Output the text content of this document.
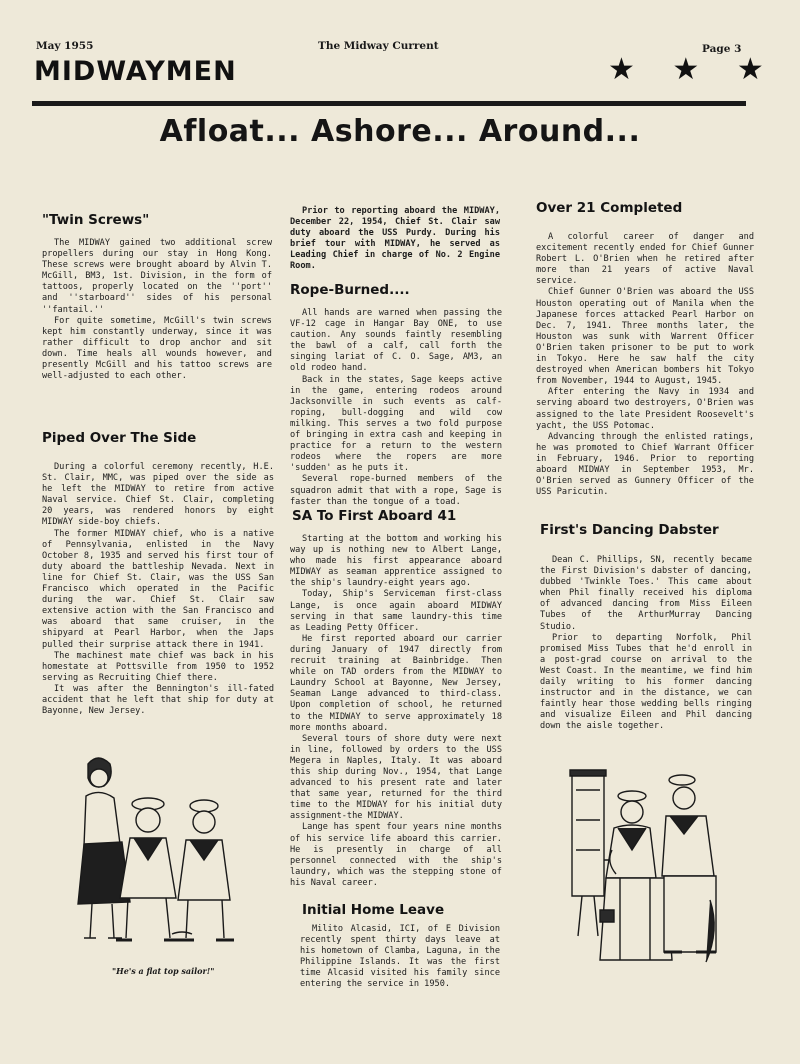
May 1955	The Midway Current	Page 3
MIDWAYMEN	★ ★ ★
Afloat... Ashore... Around...
"Twin Screws"

The MIDWAY gained two additional screw propellers during our stay in Hong Kong. These screws were brought aboard by Alvin T. McGill, BM3, 1st. Division, in the form of tattoos, properly located on the ''port'' and ''starboard'' sides of his personal ''fantail.''

For quite sometime, McGill's twin screws kept him constantly underway, since it was rather difficult to drop anchor and sit down. Time heals all wounds however, and presently McGill and his tattoo screws are well-adjusted to each other.

Piped Over The Side

During a colorful ceremony recently, H.E. St. Clair, MMC, was piped over the side as he left the MIDWAY to retire from active Naval service. Chief St. Clair, completing 20 years, was rendered honors by eight MIDWAY side-boy chiefs.

The former MIDWAY chief, who is a native of Pennsylvania, enlisted in the Navy October 8, 1935 and served his first tour of duty aboard the battleship Nevada. Next in line for Chief St. Clair, was the USS San Francisco which operated in the Pacific during the war. Chief St. Clair saw extensive action with the San Francisco and was aboard that same cruiser, in the shipyard at Pearl Harbor, when the Japs pulled their surprise attack there in 1941.

The machinest mate chief was back in his homestate at Pottsville from 1950 to 1952 serving as Recruiting Chief there.

It was after the Bennington's ill-fated accident that he left that ship for duty at Bayonne, New Jersey.

"He's a flat top sailor!"

Prior to reporting aboard the MIDWAY, December 22, 1954, Chief St. Clair saw duty aboard the USS Purdy. During his brief tour with MIDWAY, he served as Leading Chief in charge of No. 2 Engine Room.

Rope-Burned....

All hands are warned when passing the VF-12 cage in Hangar Bay ONE, to use caution. Any sounds faintly resembling the bawl of a calf, call forth the singing lariat of C. O. Sage, AM3, an old rodeo hand.

Back in the states, Sage keeps active in the game, entering rodeos around Jacksonville in such events as calf-roping, bull-dogging and wild cow milking. This serves a two fold purpose of bringing in extra cash and keeping in practice for a return to the western rodeos where the ropers are more 'sudden' as he puts it.

Several rope-burned members of the squadron admit that with a rope, Sage is faster than the tongue of a toad.

SA To First Aboard 41

Starting at the bottom and working his way up is nothing new to Albert Lange, who made his first appearance aboard MIDWAY as seaman apprentice assigned to the ship's laundry-eight years ago.

Today, Ship's Serviceman first-class Lange, is once again aboard MIDWAY serving in that same laundry-this time as Leading Petty Officer.

He first reported aboard our carrier during January of 1947 directly from recruit training at Bainbridge. Then while on TAD orders from the MIDWAY to Laundry School at Bayonne, New Jersey, Seaman Lange advanced to third-class. Upon completion of school, he returned to the MIDWAY to serve approximately 18 more months aboard.

Several tours of shore duty were next in line, followed by orders to the USS Megera in Naples, Italy. It was aboard this ship during Nov., 1954, that Lange advanced to his present rate and later that same year, returned for the third time to the MIDWAY for his initial duty assignment-the MIDWAY.

Lange has spent four years nine months of his service life aboard this carrier. He is presently in charge of all personnel connected with the ship's laundry, which was the stepping stone of his Naval career.

Initial Home Leave

Milito Alcasid, ICI, of E Division recently spent thirty days leave at his hometown of Clamba, Laguna, in the Philippine Islands. It was the first time Alcasid visited his family since entering the service in 1950.

Over 21 Completed

A colorful career of danger and excitement recently ended for Chief Gunner Robert L. O'Brien when he retired after more than 21 years of active Naval service.

Chief Gunner O'Brien was aboard the USS Houston operating out of Manila when the Japanese forces attacked Pearl Harbor on Dec. 7, 1941. Three months later, the Houston was sunk with Warrent Officer O'Brien taken prisoner to be put to work in Tokyo. Here he saw half the city destroyed when American bombers hit Tokyo from November, 1944 to August, 1945.

After entering the Navy in 1934 and serving aboard two destroyers, O'Brien was assigned to the late President Roosevelt's yacht, the USS Potomac.

Advancing through the enlisted ratings, he was promoted to Chief Warrant Officer in February, 1946. Prior to reporting aboard MIDWAY in September 1953, Mr. O'Brien served as Gunnery Officer of the USS Paricutin.

First's Dancing Dabster

Dean C. Phillips, SN, recently became the First Division's dabster of dancing, dubbed 'Twinkle Toes.' This came about when Phil finally received his diploma of advanced dancing from Miss Eileen Tubes of the ArthurMurray Dancing Studio.

Prior to departing Norfolk, Phil promised Miss Tubes that he'd enroll in a post-grad course on arrival to the West Coast. In the meantime, we find him daily writing to his former dancing instructor and in the distance, we can faintly hear those wedding bells ringing and visualize Eileen and Phil dancing down the aisle together.
